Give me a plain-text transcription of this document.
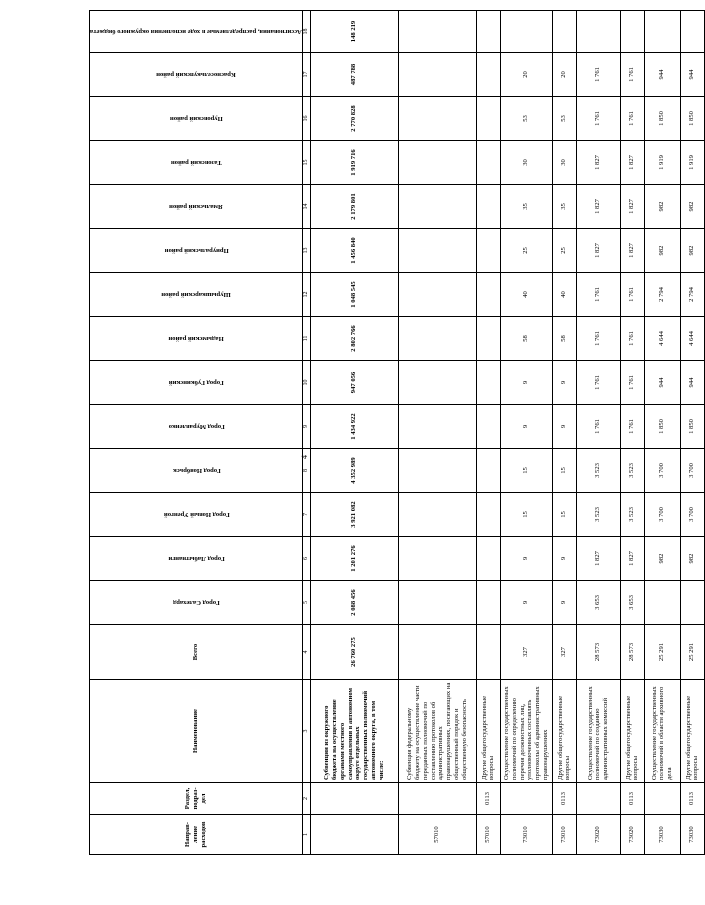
4
Направ-ление расходов	Раздел, подраз-дел	Наименование	Всего	Город Салехард	Город Лабытнанги	Город Новый Уренгой	Город Ноябрьск	Город Муравленко	Город Губкинский	Надымский район	Шурышкарский район	Приуральский район	Ямальский район	Тазовский район	Пуровский район	Красноселькупский район	Ассигнования, распределяемые в ходе исполнения окружного бюджета
1	2	3	4	5	6	7	8	9	10	11	12	13	14	15	16	17	18
		Субвенции из окружного бюджета на осуществление органами местного самоуправления в автономном округе отдельных государственных полномочий автономного округа, в том числе:	26 760 275	2 088 456	1 201 276	3 921 082	4 352 989	1 434 922	947 056	2 802 766	1 048 545	1 456 840	2 179 801	1 919 716	2 770 828	487 788	148 219
57010		Субвенция федеральному бюджету на осуществление части переданных полномочий по составлению протоколов об административных правонарушениях, посягающих на общественный порядок и общественную безопасность															
57010	0113	Другие общегосударственные вопросы															
73010		Осуществление государственных полномочий по определению перечня должностных лиц, уполномоченных составлять протоколы об административных правонарушениях	327	9	9	15	15	9	9	58	40	25	35	30	53	20	
73010	0113	Другие общегосударственные вопросы	327	9	9	15	15	9	9	58	40	25	35	30	53	20	
73020		Осуществление государственных полномочий по созданию административных комиссий	28 573	3 653	1 827	3 523	3 523	1 761	1 761	1 761	1 761	1 827	1 827	1 827	1 761	1 761	
73020	0113	Другие общегосударственные вопросы	28 573	3 653	1 827	3 523	3 523	1 761	1 761	1 761	1 761	1 827	1 827	1 827	1 761	1 761	
73030		Осуществление государственных полномочий в области архивного дела	25 291		982	3 700	3 700	1 850	944	4 644	2 794	982	982	1 919	1 850	944	
73030	0113	Другие общегосударственные вопросы	25 291		982	3 700	3 700	1 850	944	4 644	2 794	982	982	1 919	1 850	944	
